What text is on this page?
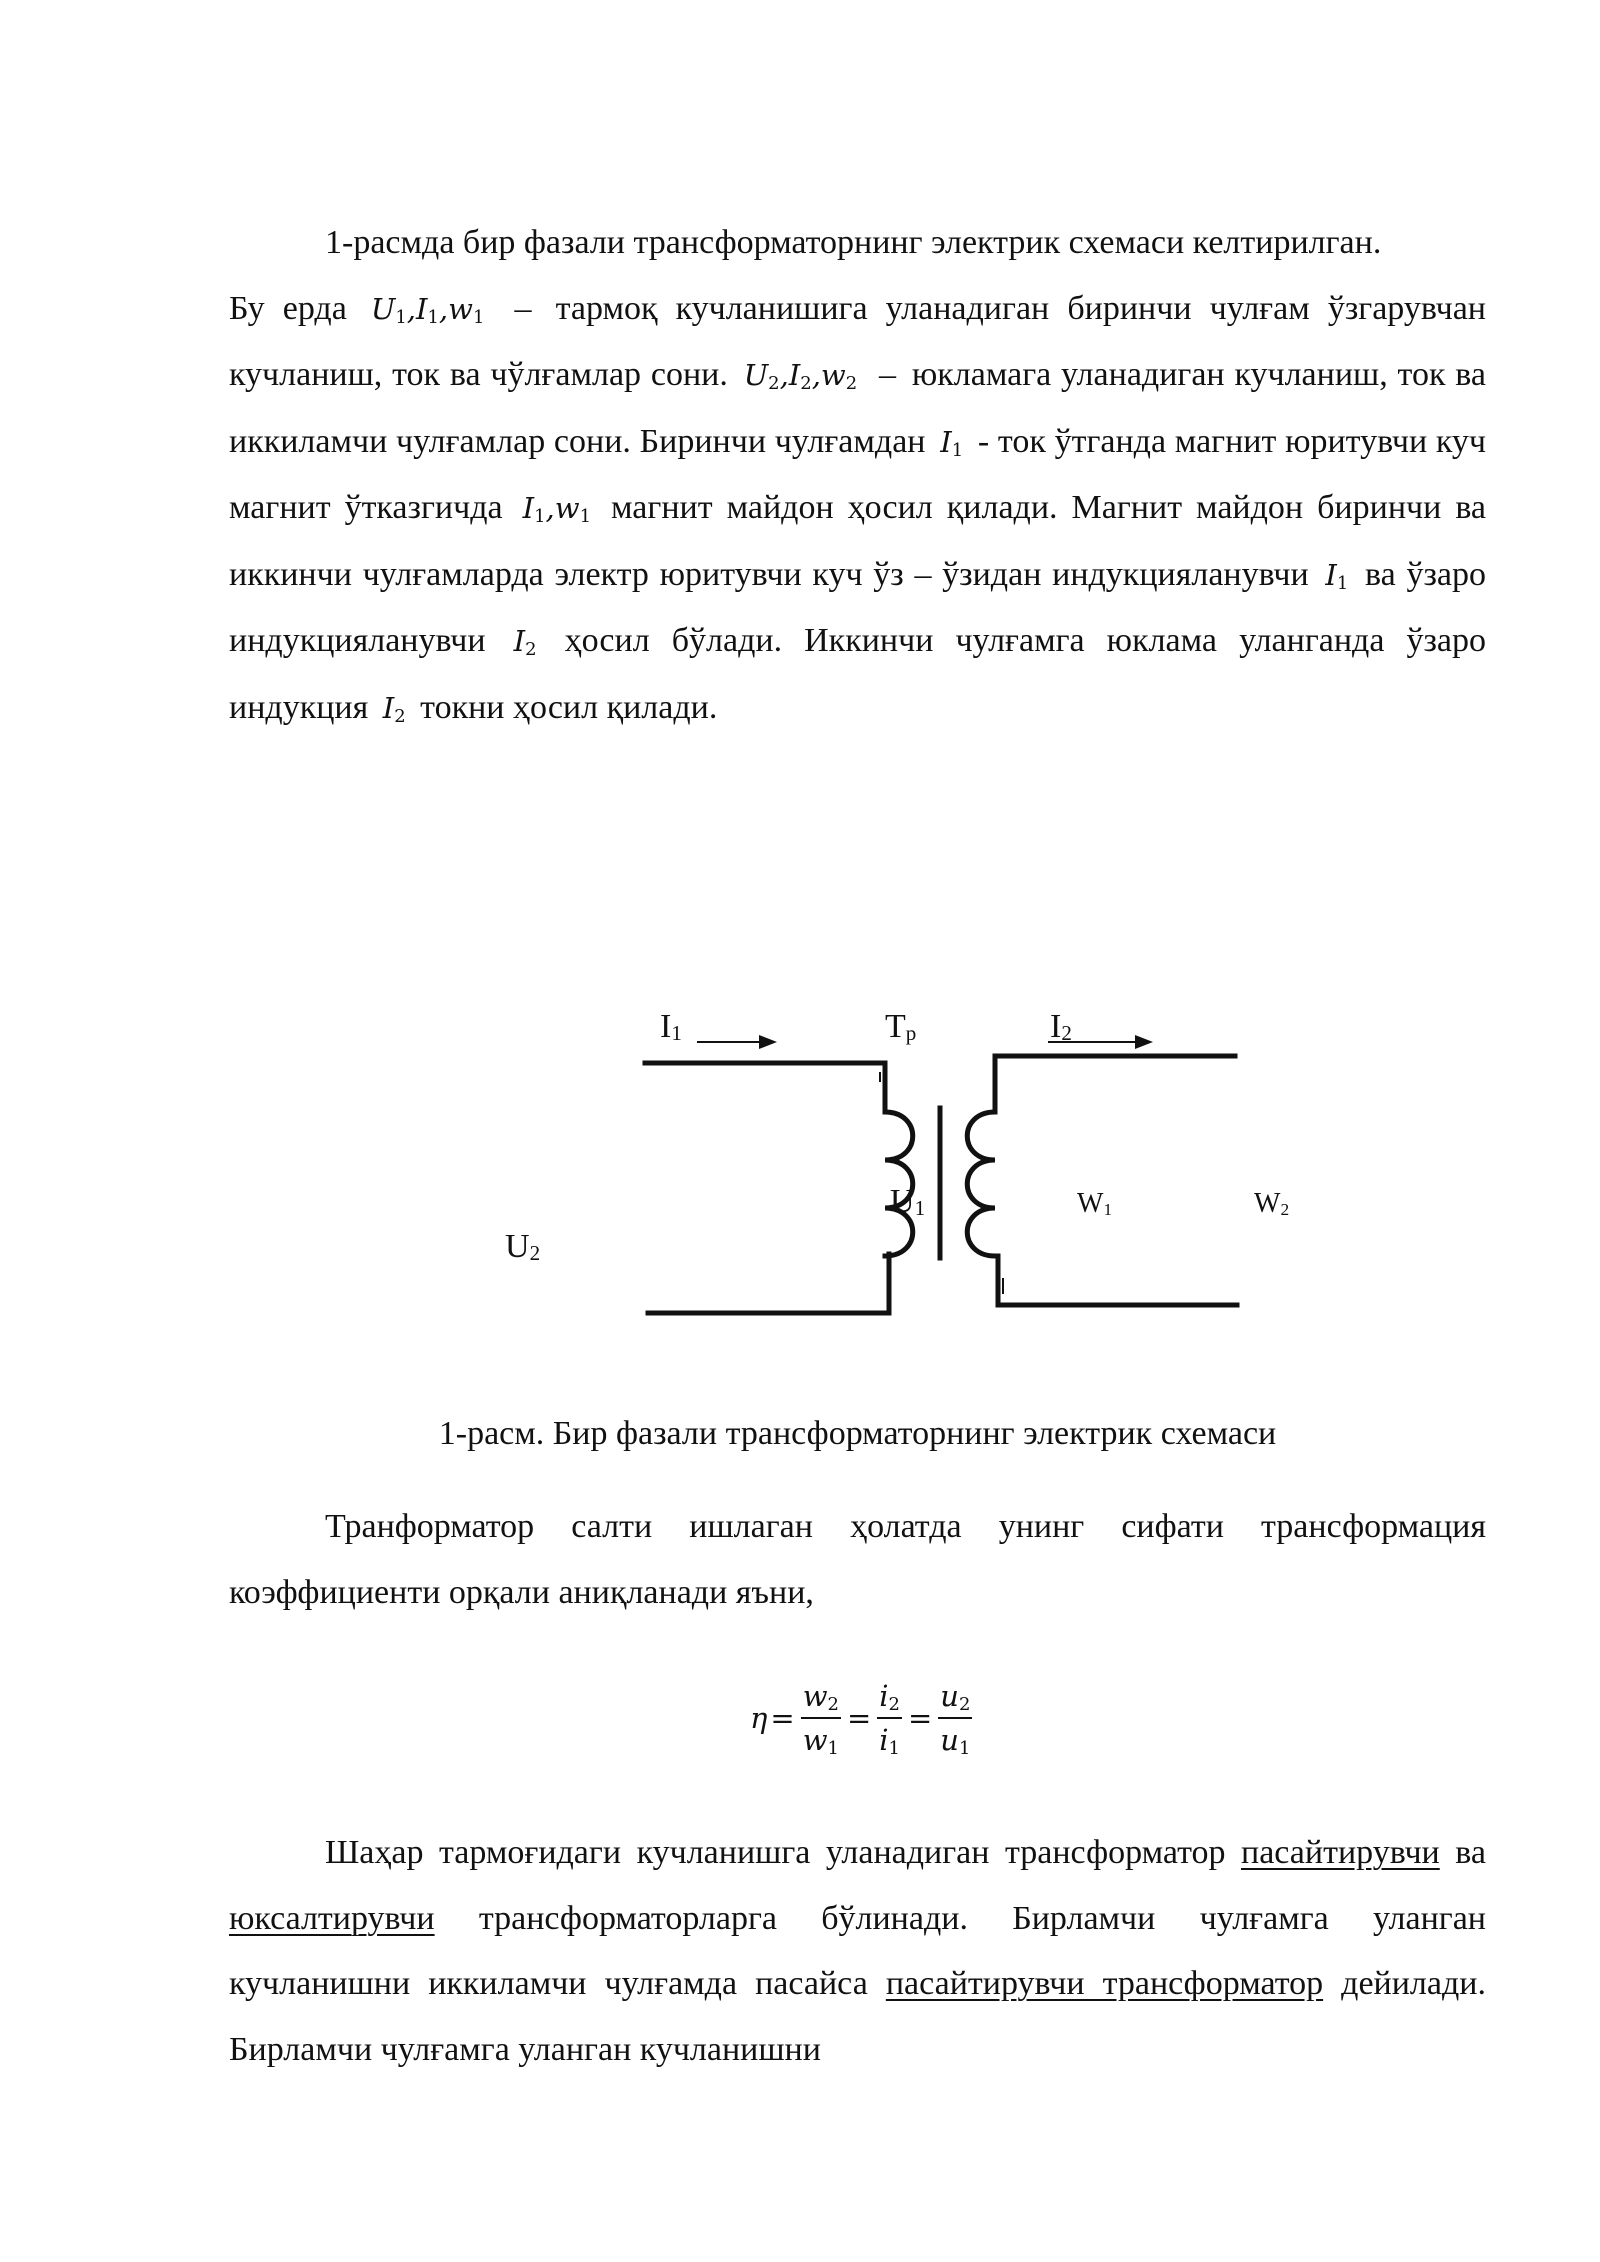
1-расмда бир фазали трансформаторнинг электрик схемаси келтирилган.

Бу ерда $U_1,I_1,w_1$ – тармоқ кучланишига уланадиган биринчи чулғам ўзгарувчан кучланиш, ток ва чўлғамлар сони. $U_2,I_2,w_2$ – юкламага уланадиган кучланиш, ток ва иккиламчи чулғамлар сони. Биринчи чулғамдан $I_1$ - ток ўтганда магнит юритувчи куч магнит ўтказгичда $I_1,w_1$ магнит майдон ҳосил қилади. Магнит майдон биринчи ва иккинчи чулғамларда электр юритувчи куч ўз – ўзидан индукцияланувчи $I_1$ ва ўзаро индукцияланувчи $I_2$ ҳосил бўлади. Иккинчи чулғамга юклама уланганда ўзаро индукция $I_2$ токни ҳосил қилади.

$I_1$	$Т_р$	$I_2$
$U_1$	$W_1$	$W_2$
$U_2$
1-расм. Бир фазали трансформаторнинг электрик схемаси

Транформатор салти ишлаган ҳолатда унинг сифати трансформация коэффициенти орқали аниқланади яъни,

$\eta = \frac{w_2}{w_1} = \frac{i_2}{i_1} = \frac{u_2}{u_1}$

Шаҳар тармоғидаги кучланишга уланадиган трансформатор пасайтирувчи ва юксалтирувчи трансформаторларга бўлинади. Бирламчи чулғамга уланган кучланишни иккиламчи чулғамда пасайса пасайтирувчи трансформатор дейилади. Бирламчи чулғамга уланган кучланишни
